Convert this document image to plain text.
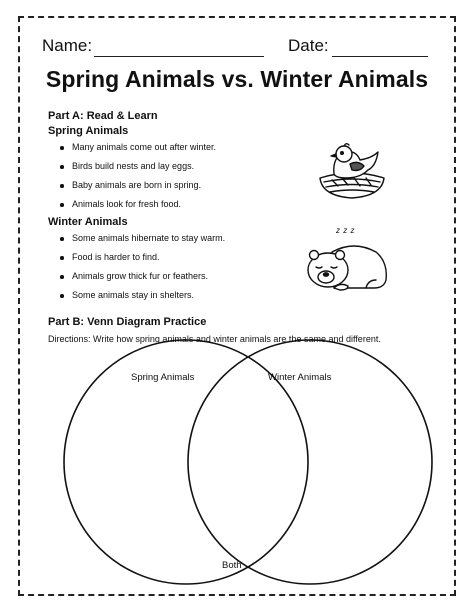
Name:	Date:
Spring Animals vs. Winter Animals
Part A: Read & Learn
Spring Animals
Many animals come out after winter.
Birds build nests and lay eggs.
Baby animals are born in spring.
Animals look for fresh food.
Winter Animals
Some animals hibernate to stay warm.
Food is harder to find.
Animals grow thick fur or feathers.
Some animals stay in shelters.
z z z
Part B: Venn Diagram Practice
Directions: Write how spring animals and winter animals are the same and different.
Spring Animals	Winter Animals
Both
